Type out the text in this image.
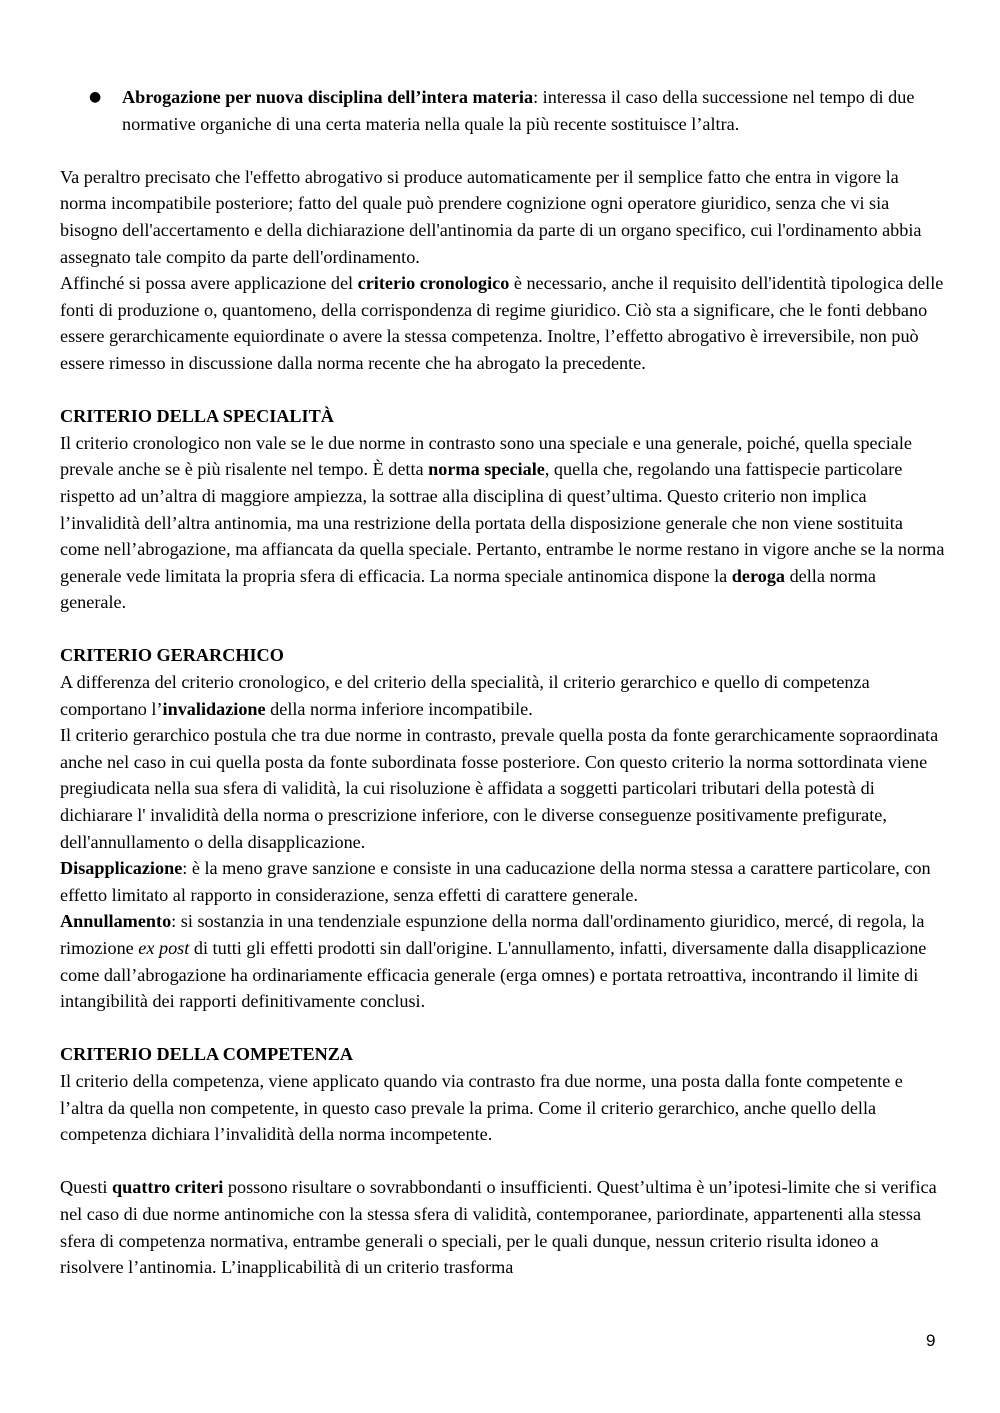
● Abrogazione per nuova disciplina dell’intera materia: interessa il caso della successione nel tempo di due normative organiche di una certa materia nella quale la più recente sostituisce l’altra.

Va peraltro precisato che l'effetto abrogativo si produce automaticamente per il semplice fatto che entra in vigore la norma incompatibile posteriore; fatto del quale può prendere cognizione ogni operatore giuridico, senza che vi sia bisogno dell'accertamento e della dichiarazione dell'antinomia da parte di un organo specifico, cui l'ordinamento abbia assegnato tale compito da parte dell'ordinamento.

Affinché si possa avere applicazione del criterio cronologico è necessario, anche il requisito dell'identità tipologica delle fonti di produzione o, quantomeno, della corrispondenza di regime giuridico. Ciò sta a significare, che le fonti debbano essere gerarchicamente equiordinate o avere la stessa competenza. Inoltre, l’effetto abrogativo è irreversibile, non può essere rimesso in discussione dalla norma recente che ha abrogato la precedente.

CRITERIO DELLA SPECIALITÀ

Il criterio cronologico non vale se le due norme in contrasto sono una speciale e una generale, poiché, quella speciale prevale anche se è più risalente nel tempo. È detta norma speciale, quella che, regolando una fattispecie particolare rispetto ad un’altra di maggiore ampiezza, la sottrae alla disciplina di quest’ultima. Questo criterio non implica l’invalidità dell’altra antinomia, ma una restrizione della portata della disposizione generale che non viene sostituita come nell’abrogazione, ma affiancata da quella speciale. Pertanto, entrambe le norme restano in vigore anche se la norma generale vede limitata la propria sfera di efficacia. La norma speciale antinomica dispone la deroga della norma generale.

CRITERIO GERARCHICO

A differenza del criterio cronologico, e del criterio della specialità, il criterio gerarchico e quello di competenza comportano l’invalidazione della norma inferiore incompatibile.

Il criterio gerarchico postula che tra due norme in contrasto, prevale quella posta da fonte gerarchicamente sopraordinata anche nel caso in cui quella posta da fonte subordinata fosse posteriore. Con questo criterio la norma sottordinata viene pregiudicata nella sua sfera di validità, la cui risoluzione è affidata a soggetti particolari tributari della potestà di dichiarare l' invalidità della norma o prescrizione inferiore, con le diverse conseguenze positivamente prefigurate, dell'annullamento o della disapplicazione.

Disapplicazione: è la meno grave sanzione e consiste in una caducazione della norma stessa a carattere particolare, con effetto limitato al rapporto in considerazione, senza effetti di carattere generale.

Annullamento: si sostanzia in una tendenziale espunzione della norma dall'ordinamento giuridico, mercé, di regola, la rimozione ex post di tutti gli effetti prodotti sin dall'origine. L'annullamento, infatti, diversamente dalla disapplicazione come dall’abrogazione ha ordinariamente efficacia generale (erga omnes) e portata retroattiva, incontrando il limite di intangibilità dei rapporti definitivamente conclusi.

CRITERIO DELLA COMPETENZA

Il criterio della competenza, viene applicato quando via contrasto fra due norme, una posta dalla fonte competente e l’altra da quella non competente, in questo caso prevale la prima. Come il criterio gerarchico, anche quello della competenza dichiara l’invalidità della norma incompetente.

Questi quattro criteri possono risultare o sovrabbondanti o insufficienti. Quest’ultima è un’ipotesi-limite che si verifica nel caso di due norme antinomiche con la stessa sfera di validità, contemporanee, pariordinate, appartenenti alla stessa sfera di competenza normativa, entrambe generali o speciali, per le quali dunque, nessun criterio risulta idoneo a risolvere l’antinomia. L’inapplicabilità di un criterio trasforma

9
